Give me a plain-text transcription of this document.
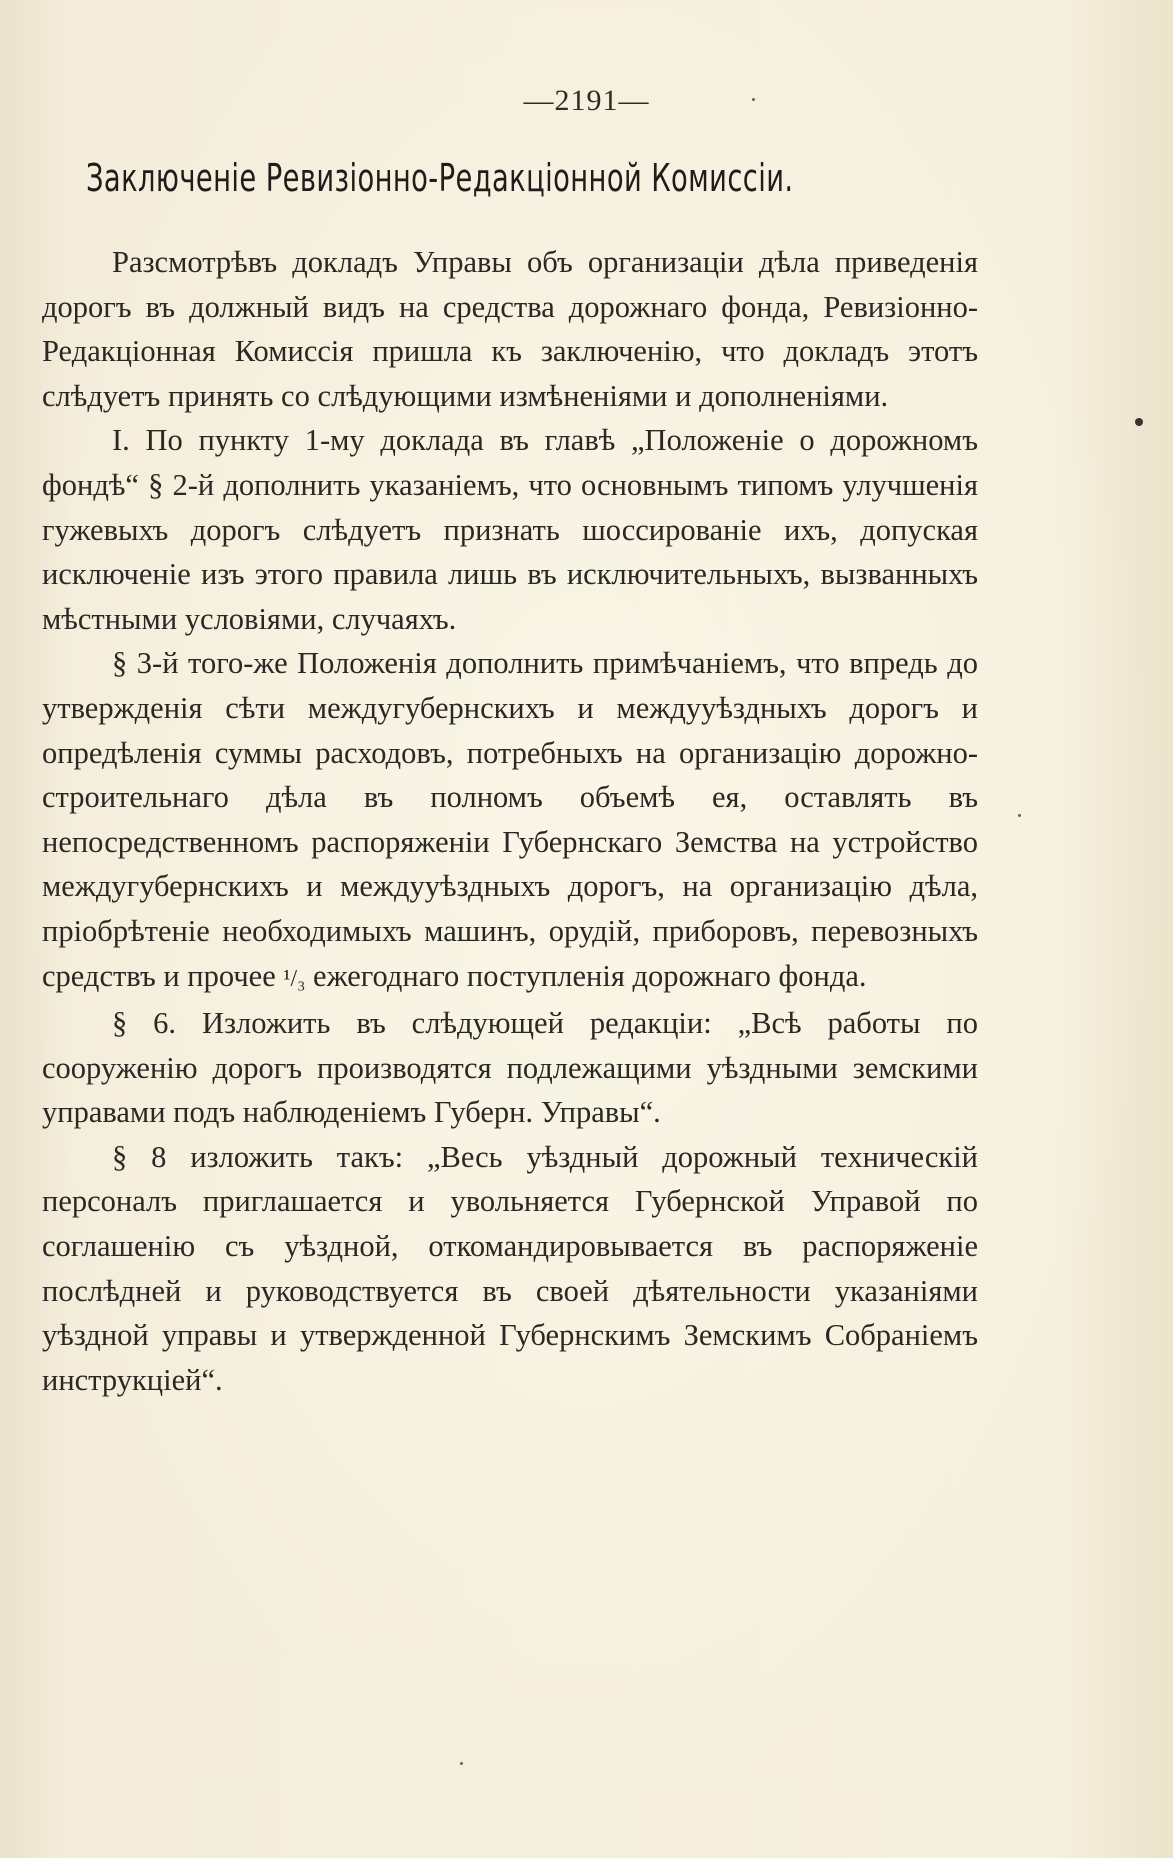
—2191—
Заключеніе Ревизіонно-Редакціонной Комиссіи.

Разсмотрѣвъ докладъ Управы объ организаціи дѣла приведенія дорогъ въ должный видъ на средства дорожнаго фонда, Ревизіонно-Редакціонная Комиссія пришла къ заключенію, что докладъ этотъ слѣдуетъ принять со слѣдующими измѣненіями и дополненіями.

I. По пункту 1-му доклада въ главѣ „Положеніе о дорожномъ фондѣ“ § 2-й дополнить указаніемъ, что основнымъ типомъ улучшенія гужевыхъ дорогъ слѣдуетъ признать шоссированіе ихъ, допуская исключеніе изъ этого правила лишь въ исключительныхъ, вызванныхъ мѣстными условіями, случаяхъ.

§ 3-й того-же Положенія дополнить примѣчаніемъ, что впредь до утвержденія сѣти междугубернскихъ и междууѣздныхъ дорогъ и опредѣленія суммы расходовъ, потребныхъ на организацію дорожно-строительнаго дѣла въ полномъ объемѣ ея, оставлять въ непосредственномъ распоряженіи Губернскаго Земства на устройство междугубернскихъ и междууѣздныхъ дорогъ, на организацію дѣла, пріобрѣтеніе необходимыхъ машинъ, орудій, приборовъ, перевозныхъ средствъ и прочее ¹/₃ ежегоднаго поступленія дорожнаго фонда.

§ 6. Изложить въ слѣдующей редакціи: „Всѣ работы по сооруженію дорогъ производятся подлежащими уѣздными земскими управами подъ наблюденіемъ Губерн. Управы“.

§ 8 изложить такъ: „Весь уѣздный дорожный техническій персоналъ приглашается и увольняется Губернской Управой по соглашенію съ уѣздной, откомандировывается въ распоряженіе послѣдней и руководствуется въ своей дѣятельности указаніями уѣздной управы и утвержденной Губернскимъ Земскимъ Собраніемъ инструкціей“.
